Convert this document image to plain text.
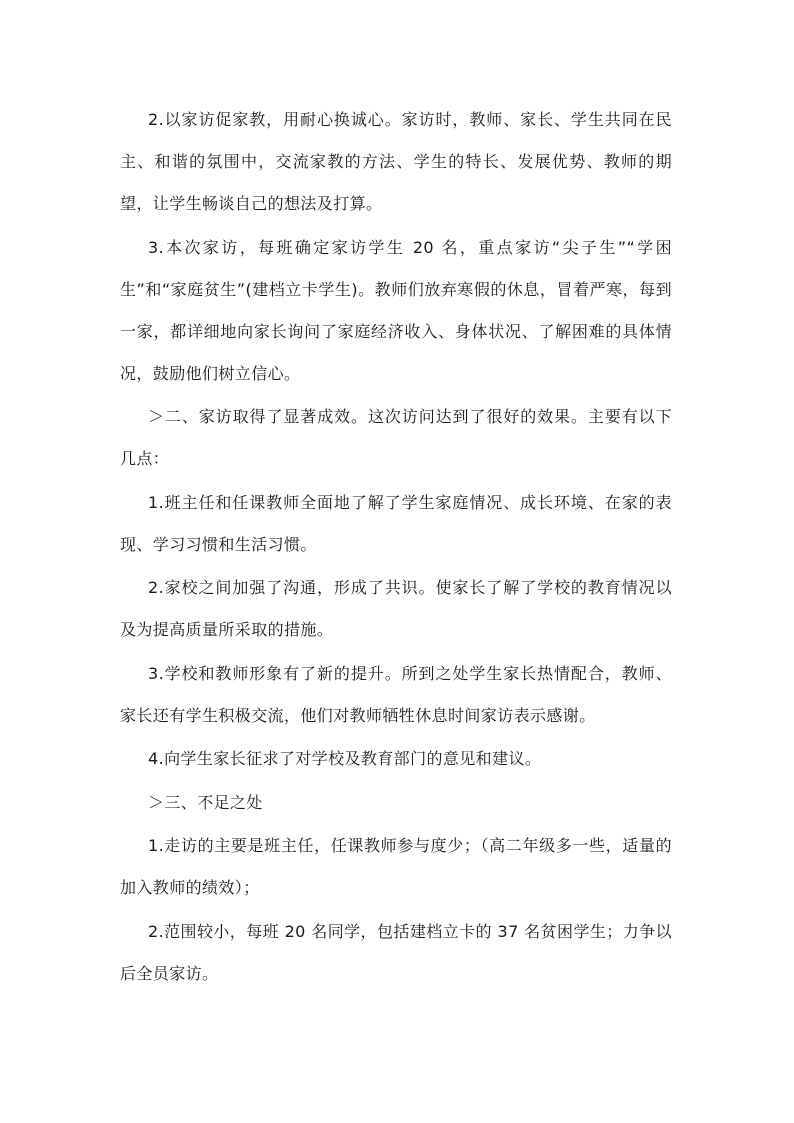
2.以家访促家教，用耐心换诚心。家访时，教师、家长、学生共同在民主、和谐的氛围中，交流家教的方法、学生的特长、发展优势、教师的期望，让学生畅谈自己的想法及打算。

3.本次家访，每班确定家访学生 20 名，重点家访“尖子生”“学困生”和“家庭贫生”(建档立卡学生)。教师们放弃寒假的休息，冒着严寒，每到一家，都详细地向家长询问了家庭经济收入、身体状况、了解困难的具体情况，鼓励他们树立信心。

＞二、家访取得了显著成效。这次访问达到了很好的效果。主要有以下几点：

1.班主任和任课教师全面地了解了学生家庭情况、成长环境、在家的表现、学习习惯和生活习惯。

2.家校之间加强了沟通，形成了共识。使家长了解了学校的教育情况以及为提高质量所采取的措施。

3.学校和教师形象有了新的提升。所到之处学生家长热情配合，教师、家长还有学生积极交流，他们对教师牺牲休息时间家访表示感谢。

4.向学生家长征求了对学校及教育部门的意见和建议。

＞三、不足之处

1.走访的主要是班主任，任课教师参与度少；（高二年级多一些，适量的加入教师的绩效）；

2.范围较小，每班 20 名同学，包括建档立卡的 37 名贫困学生；力争以后全员家访。
